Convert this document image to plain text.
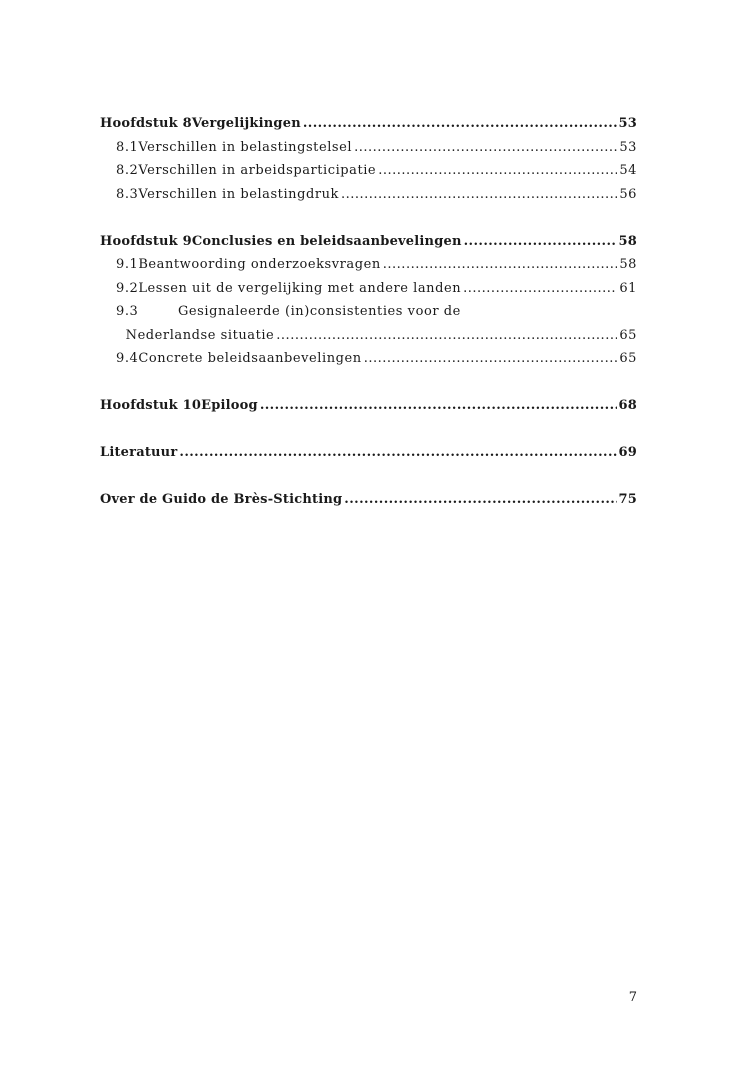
Hoofdstuk 8 Vergelijkingen .....	53
8.1 Verschillen in belastingstelsel .....	53
8.2 Verschillen in arbeidsparticipatie .....	54
8.3 Verschillen in belastingdruk .....	56
Hoofdstuk 9 Conclusies en beleidsaanbevelingen .....	58
9.1 Beantwoording onderzoeksvragen .....	58
9.2 Lessen uit de vergelijking met andere landen .....	61
9.3	Gesignaleerde (in)consistenties voor de
Nederlandse situatie .....	65
9.4 Concrete beleidsaanbevelingen .....	65
Hoofdstuk 10 Epiloog .....	68
Literatuur .....	69
Over de Guido de Brès-Stichting .....	75
7
